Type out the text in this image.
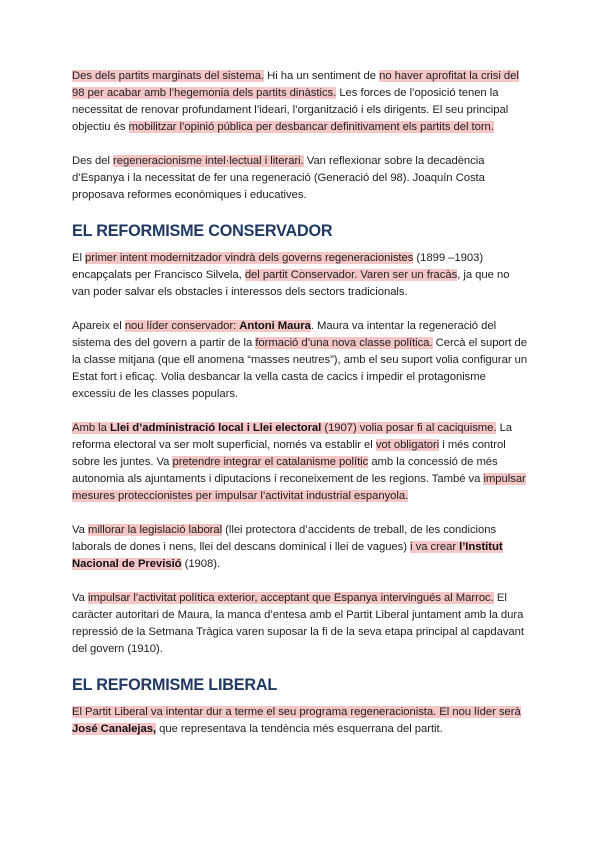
Des dels partits marginats del sistema. Hi ha un sentiment de no haver aprofitat la crisi del 98 per acabar amb l’hegemonia dels partits dinàstics. Les forces de l’oposició tenen la necessitat de renovar profundament l’ideari, l’organització i els dirigents. El seu principal objectiu és mobilitzar l’opinió pública per desbancar definitivament els partits del torn.

Des del regeneracionisme intel·lectual i literari. Van reflexionar sobre la decadència d’Espanya i la necessitat de fer una regeneració (Generació del 98). Joaquín Costa proposava reformes econòmiques i educatives.

EL REFORMISME CONSERVADOR

El primer intent modernitzador vindrà dels governs regeneracionistes (1899 –1903) encapçalats per Francisco Silvela, del partit Conservador. Varen ser un fracàs, ja que no van poder salvar els obstacles i interessos dels sectors tradicionals.

Apareix el nou líder conservador: Antoni Maura. Maura va intentar la regeneració del sistema des del govern a partir de la formació d’una nova classe política. Cercà el suport de la classe mitjana (que ell anomena “masses neutres”), amb el seu suport volia configurar un Estat fort i eficaç. Volia desbancar la vella casta de cacics i impedir el protagonisme excessiu de les classes populars.

Amb la Llei d’administració local i Llei electoral (1907) volia posar fi al caciquisme. La reforma electoral va ser molt superficial, només va establir el vot obligatori i més control sobre les juntes. Va pretendre integrar el catalanisme polític amb la concessió de més autonomia als ajuntaments i diputacions i reconeixement de les regions. També va impulsar mesures proteccionistes per impulsar l’activitat industrial espanyola.

Va millorar la legislació laboral (llei protectora d’accidents de treball, de les condicions laborals de dones i nens, llei del descans dominical i llei de vagues) i va crear l’Institut Nacional de Previsió (1908).

Va impulsar l’activitat política exterior, acceptant que Espanya intervingués al Marroc. El caràcter autoritari de Maura, la manca d’entesa amb el Partit Liberal juntament amb la dura repressió de la Setmana Tràgica varen suposar la fi de la seva etapa principal al capdavant del govern (1910).

EL REFORMISME LIBERAL

El Partit Liberal va intentar dur a terme el seu programa regeneracionista. El nou líder serà José Canalejas, que representava la tendència més esquerrana del partit.
